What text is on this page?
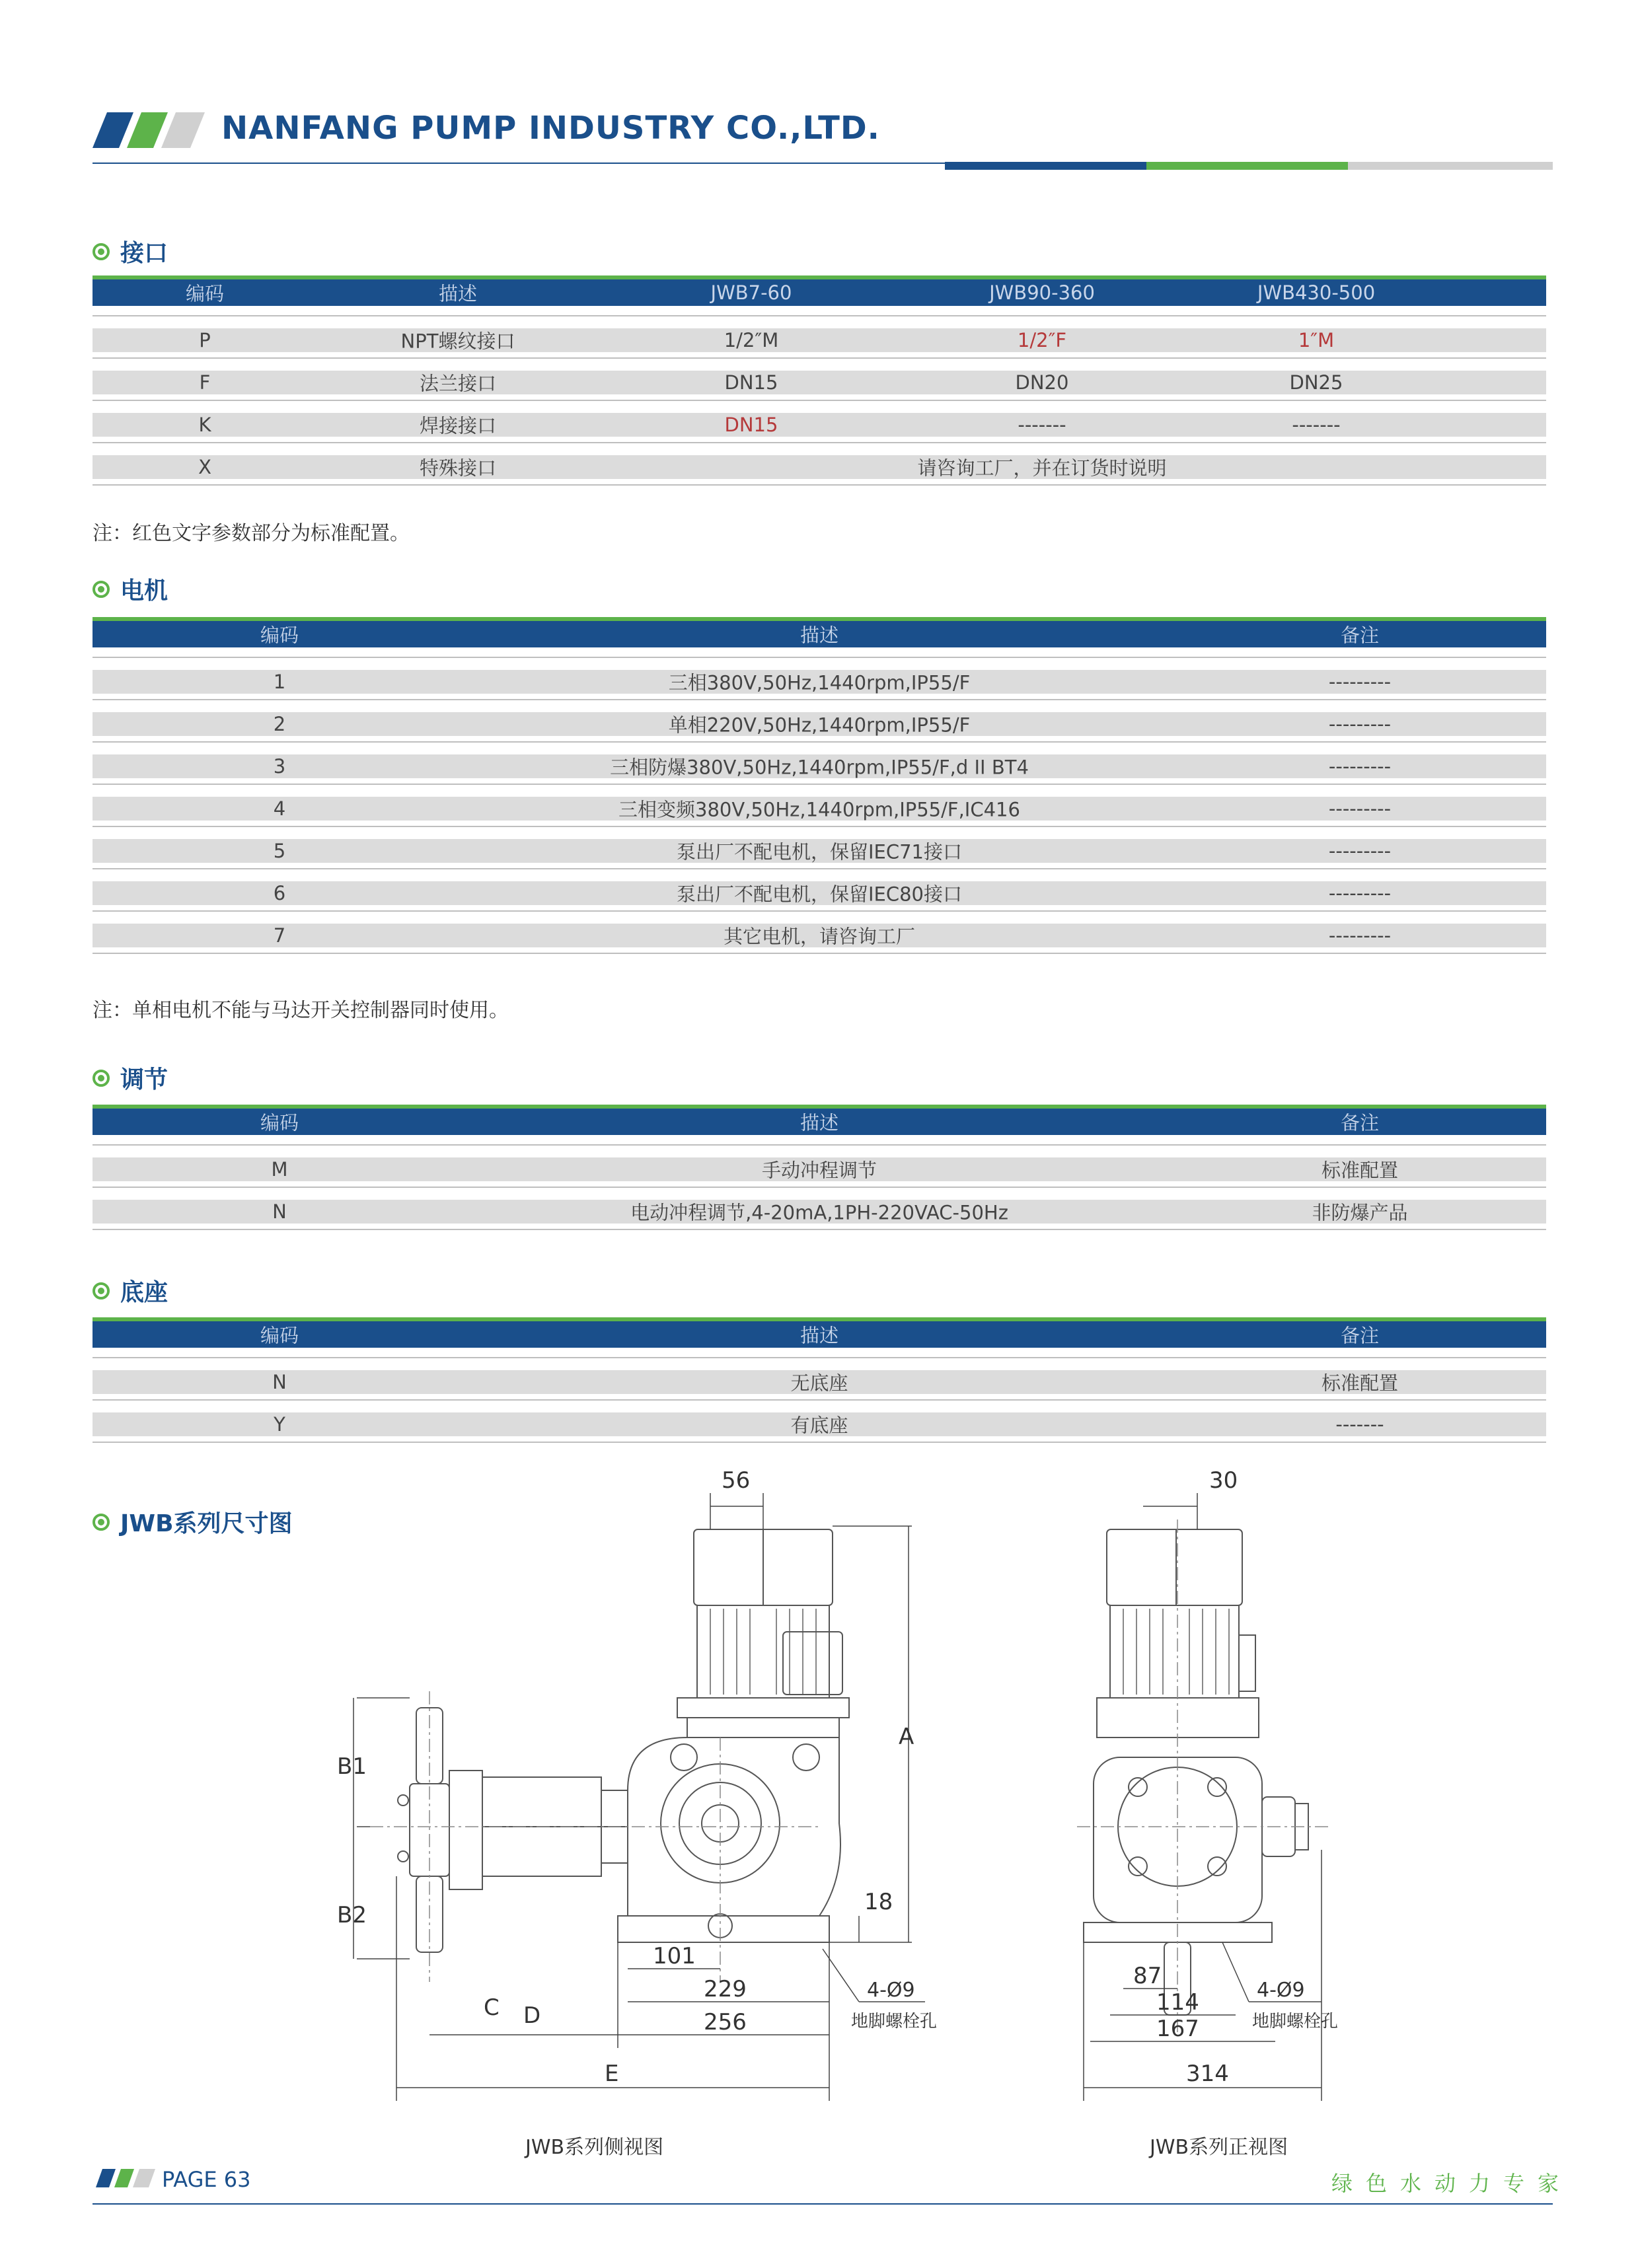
NANFANG PUMP INDUSTRY CO.,LTD.
接口
编码	描述	JWB7-60	JWB90-360	JWB430-500
P	NPT螺纹接口	1/2″M	1/2″F	1″M
F	法兰接口	DN15	DN20	DN25
K	焊接接口	DN15	-------	-------
X	特殊接口	请咨询工厂，并在订货时说明
注：红色文字参数部分为标准配置。
电机
编码	描述	备注
1	三相380V,50Hz,1440rpm,IP55/F	---------
2	单相220V,50Hz,1440rpm,IP55/F	---------
3	三相防爆380V,50Hz,1440rpm,IP55/F,d II BT4	---------
4	三相变频380V,50Hz,1440rpm,IP55/F,IC416	---------
5	泵出厂不配电机，保留IEC71接口	---------
6	泵出厂不配电机，保留IEC80接口	---------
7	其它电机，请咨询工厂	---------
注：单相电机不能与马达开关控制器同时使用。
调节
编码	描述	备注
M	手动冲程调节	标准配置
N	电动冲程调节,4-20mA,1PH-220VAC-50Hz	非防爆产品
底座
编码	描述	备注
N	无底座	标准配置
Y	有底座	-------
JWB系列尺寸图
56
A
B1
B2	18
101
229
256
C D
E
4-Ø9
地脚螺栓孔
30
87
114
167
314
4-Ø9
地脚螺栓孔
JWB系列侧视图	JWB系列正视图
PAGE 63	绿色水动力专家
